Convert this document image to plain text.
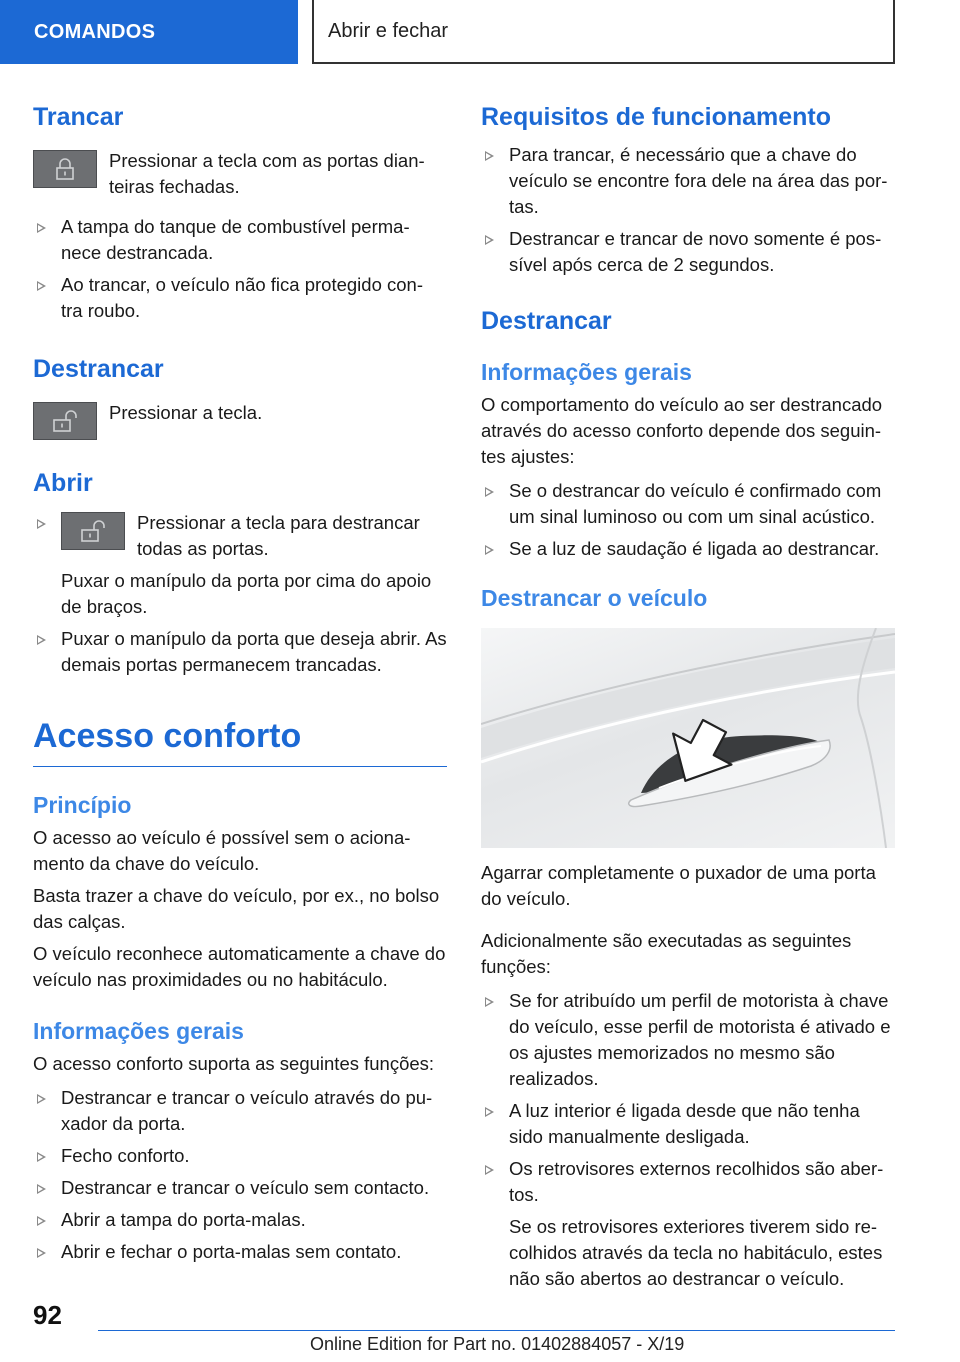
COMANDOS	Abrir e fechar
Trancar

Pressionar a tecla com as portas dian- teiras fechadas.

A tampa do tanque de combustível perma- nece destrancada.
Ao trancar, o veículo não fica protegido con- tra roubo.
Destrancar

Pressionar a tecla.

Abrir
Pressionar a tecla para destrancar todas as portas.
Puxar o manípulo da porta por cima do apoio de braços.
Puxar o manípulo da porta que deseja abrir. As demais portas permanecem trancadas.
Acesso conforto
Princípio

O acesso ao veículo é possível sem o aciona- mento da chave do veículo.

Basta trazer a chave do veículo, por ex., no bolso das calças.

O veículo reconhece automaticamente a chave do veículo nas proximidades ou no habitáculo.

Informações gerais

O acesso conforto suporta as seguintes funções:

Destrancar e trancar o veículo através do pu- xador da porta.
Fecho conforto.
Destrancar e trancar o veículo sem contacto.
Abrir a tampa do porta-malas.
Abrir e fechar o porta-malas sem contato.
Requisitos de funcionamento
Para trancar, é necessário que a chave do veículo se encontre fora dele na área das por- tas.
Destrancar e trancar de novo somente é pos- sível após cerca de 2 segundos.
Destrancar
Informações gerais

O comportamento do veículo ao ser destrancado através do acesso conforto depende dos seguin- tes ajustes:

Se o destrancar do veículo é confirmado com um sinal luminoso ou com um sinal acústico.
Se a luz de saudação é ligada ao destrancar.
Destrancar o veículo

Agarrar completamente o puxador de uma porta do veículo.

Adicionalmente são executadas as seguintes funções:

Se for atribuído um perfil de motorista à chave do veículo, esse perfil de motorista é ativado e os ajustes memorizados no mesmo são realizados.
A luz interior é ligada desde que não tenha sido manualmente desligada.
Os retrovisores externos recolhidos são aber- tos.
Se os retrovisores exteriores tiverem sido re- colhidos através da tecla no habitáculo, estes não são abertos ao destrancar o veículo.
92
Online Edition for Part no. 01402884057 - X/19
